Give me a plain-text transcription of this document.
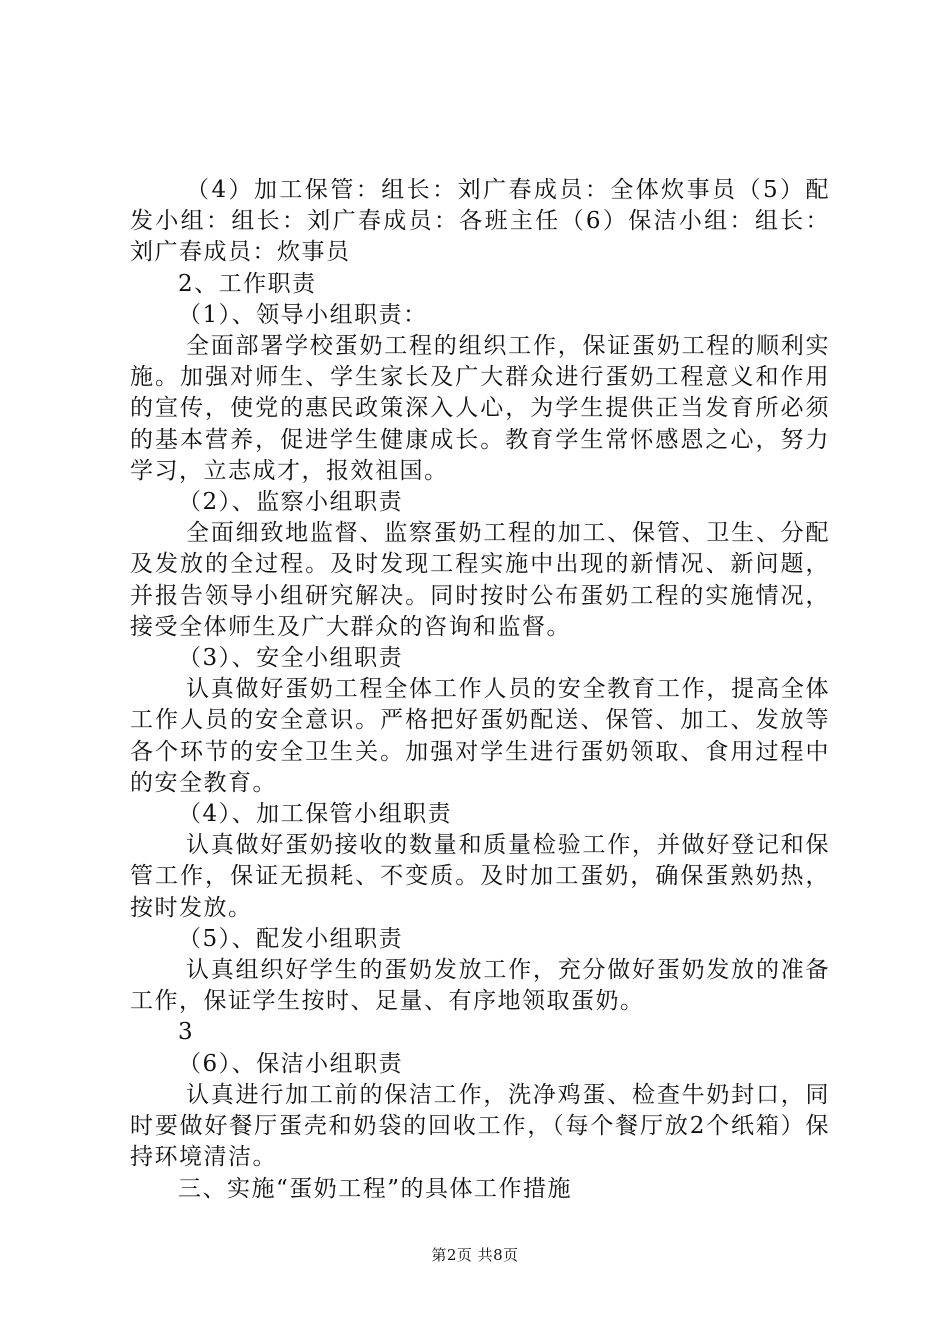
（4）加工保管：组长：刘广春成员：全体炊事员（5）配发小组：组长：刘广春成员：各班主任（6）保洁小组：组长：刘广春成员：炊事员

2、工作职责

（1）、领导小组职责：

全面部署学校蛋奶工程的组织工作，保证蛋奶工程的顺利实施。加强对师生、学生家长及广大群众进行蛋奶工程意义和作用的宣传，使党的惠民政策深入人心，为学生提供正当发育所必须的基本营养，促进学生健康成长。教育学生常怀感恩之心，努力学习，立志成才，报效祖国。

（2）、监察小组职责

全面细致地监督、监察蛋奶工程的加工、保管、卫生、分配及发放的全过程。及时发现工程实施中出现的新情况、新问题，并报告领导小组研究解决。同时按时公布蛋奶工程的实施情况，接受全体师生及广大群众的咨询和监督。

（3）、安全小组职责

认真做好蛋奶工程全体工作人员的安全教育工作，提高全体工作人员的安全意识。严格把好蛋奶配送、保管、加工、发放等各个环节的安全卫生关。加强对学生进行蛋奶领取、食用过程中的安全教育。

（4）、加工保管小组职责

认真做好蛋奶接收的数量和质量检验工作，并做好登记和保管工作，保证无损耗、不变质。及时加工蛋奶，确保蛋熟奶热，按时发放。

（5）、配发小组职责

认真组织好学生的蛋奶发放工作，充分做好蛋奶发放的准备工作，保证学生按时、足量、有序地领取蛋奶。

3

（6）、保洁小组职责

认真进行加工前的保洁工作，洗净鸡蛋、检查牛奶封口，同时要做好餐厅蛋壳和奶袋的回收工作，（每个餐厅放2个纸箱）保持环境清洁。

三、实施“蛋奶工程”的具体工作措施

第2页 共8页
